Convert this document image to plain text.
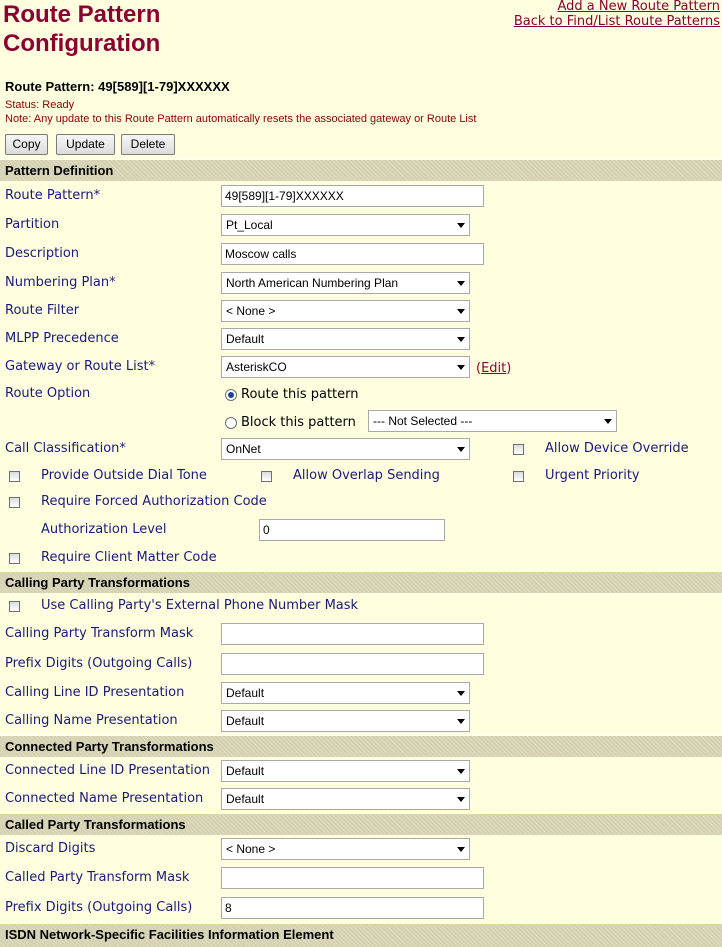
Route Pattern
Configuration
Add a New Route Pattern
Back to Find/List Route Patterns
Route Pattern: 49[589][1-79]XXXXXX
Status: Ready
Note: Any update to this Route Pattern automatically resets the associated gateway or Route List
Copy	Update	Delete
Pattern Definition
Route Pattern*	49[589][1-79]XXXXXX
Partition	Pt_Local
Description	Moscow calls
Numbering Plan*	North American Numbering Plan
Route Filter	< None >
MLPP Precedence	Default
Gateway or Route List*	AsteriskCO	(Edit)
Route Option	Route this pattern
Block this pattern	--- Not Selected ---
Call Classification*	OnNet	Allow Device Override
Provide Outside Dial Tone	Allow Overlap Sending	Urgent Priority
Require Forced Authorization Code
Authorization Level	0
Require Client Matter Code
Calling Party Transformations
Use Calling Party's External Phone Number Mask
Calling Party Transform Mask
Prefix Digits (Outgoing Calls)
Calling Line ID Presentation	Default
Calling Name Presentation	Default
Connected Party Transformations
Connected Line ID Presentation	Default
Connected Name Presentation	Default
Called Party Transformations
Discard Digits	< None >
Called Party Transform Mask
Prefix Digits (Outgoing Calls)	8
ISDN Network-Specific Facilities Information Element
